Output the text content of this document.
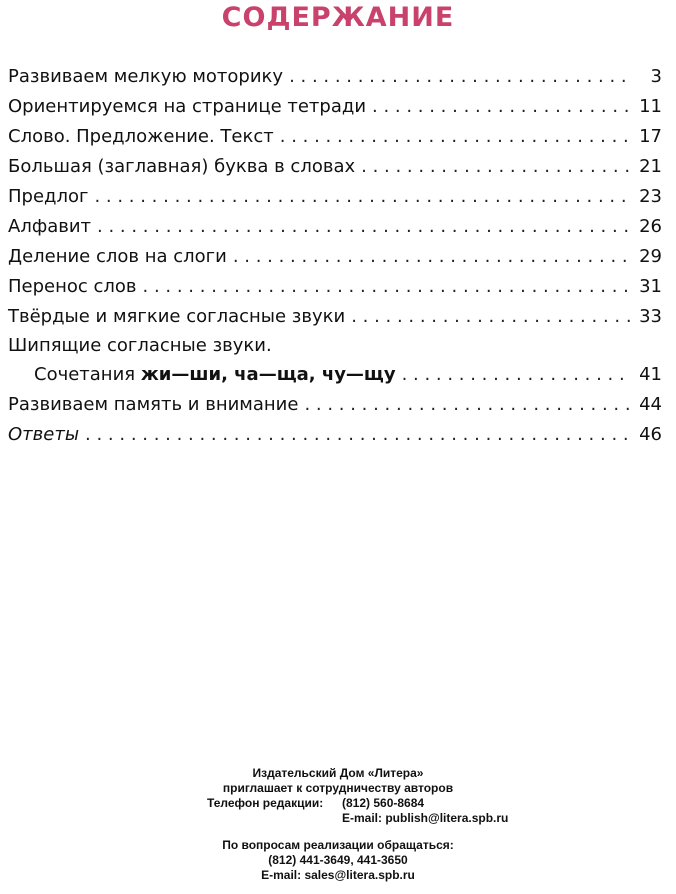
СОДЕРЖАНИЕ
Развиваем мелкую моторику . . .	3
Ориентируемся на странице тетради . . .	11
Слово. Предложение. Текст . . .	17
Большая (заглавная) буква в словах . . .	21
Предлог . . .	23
Алфавит . . .	26
Деление слов на слоги . . .	29
Перенос слов . . .	31
Твёрдые и мягкие согласные звуки . . .	33
Шипящие согласные звуки.
Сочетания жи—ши, ча—ща, чу—щу . . .	41
Развиваем память и внимание . . .	44
Ответы . . .	46
Издательский Дом «Литера»
приглашает к сотрудничеству авторов
Телефон редакции: (812) 560-8684
E-mail: publish@litera.spb.ru
По вопросам реализации обращаться:
(812) 441-3649, 441-3650
E-mail: sales@litera.spb.ru
